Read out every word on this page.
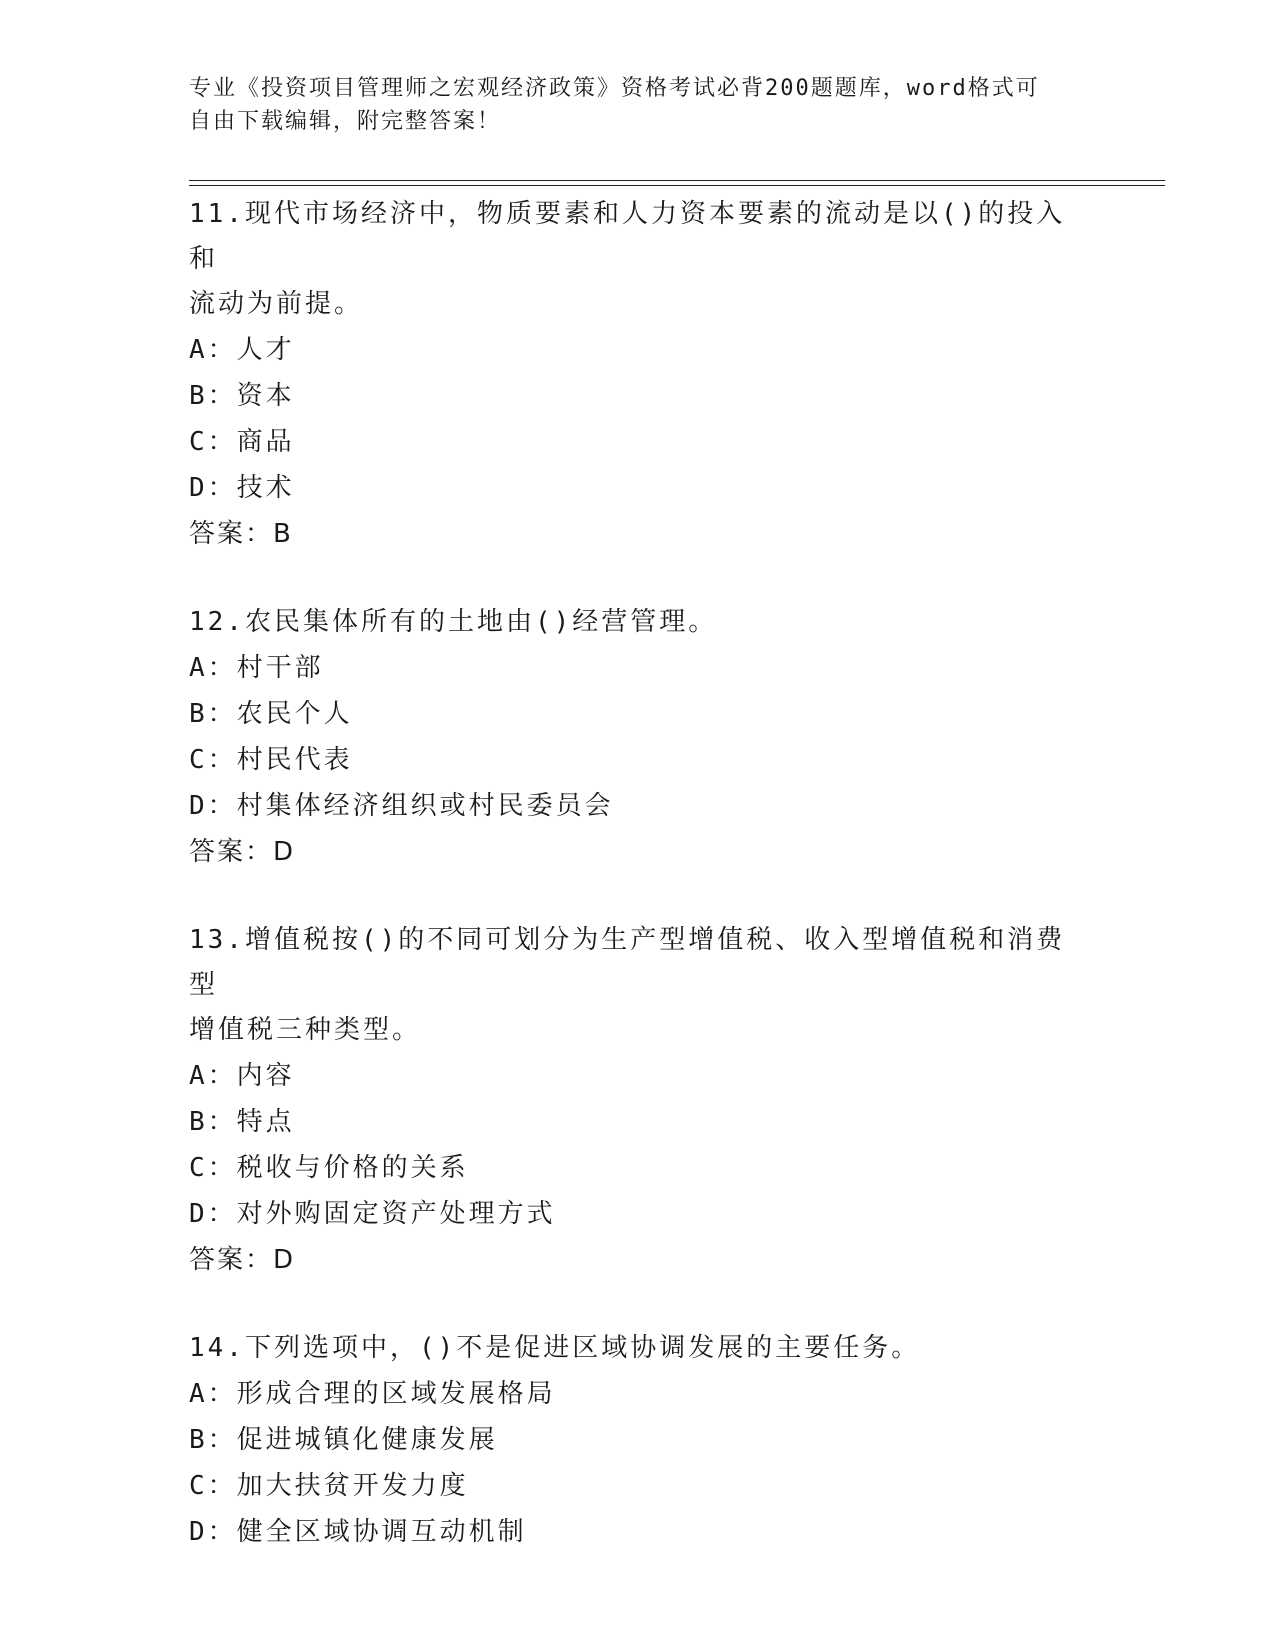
专业《投资项目管理师之宏观经济政策》资格考试必背200题题库，word格式可
自由下载编辑，附完整答案！
11.现代市场经济中，物质要素和人力资本要素的流动是以()的投入和
流动为前提。
A：人才
B：资本
C：商品
D：技术
答案：B
12.农民集体所有的土地由()经营管理。
A：村干部
B：农民个人
C：村民代表
D：村集体经济组织或村民委员会
答案：D
13.增值税按()的不同可划分为生产型增值税、收入型增值税和消费型
增值税三种类型。
A：内容
B：特点
C：税收与价格的关系
D：对外购固定资产处理方式
答案：D
14.下列选项中，()不是促进区域协调发展的主要任务。
A：形成合理的区域发展格局
B：促进城镇化健康发展
C：加大扶贫开发力度
D：健全区域协调互动机制
